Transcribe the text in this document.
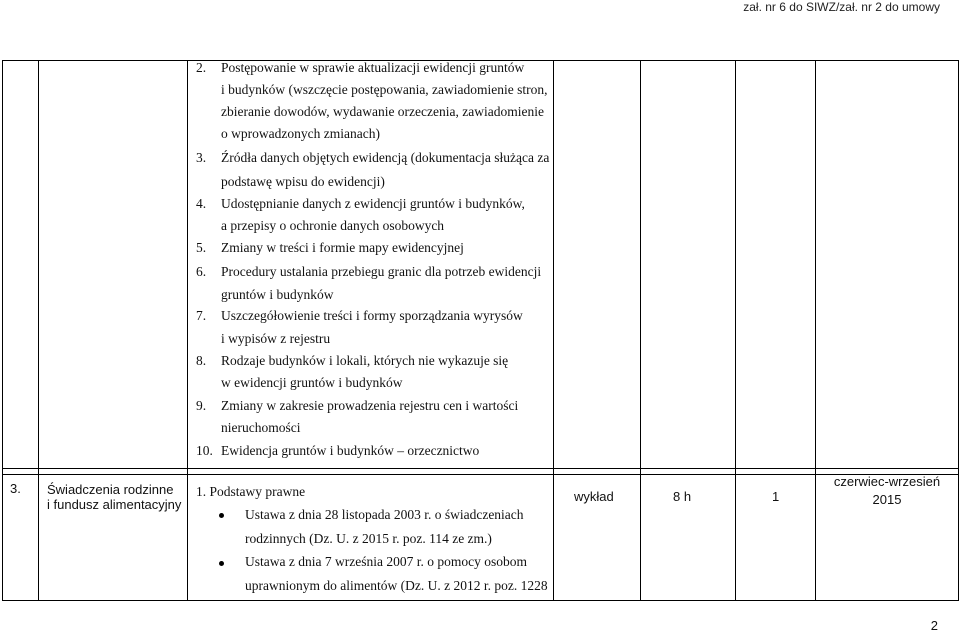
zał. nr 6 do SIWZ/zał. nr 2 do umowy
2. Postępowanie w sprawie aktualizacji ewidencji gruntów
i budynków (wszczęcie postępowania, zawiadomienie stron,
zbieranie dowodów, wydawanie orzeczenia, zawiadomienie
o wprowadzonych zmianach)
3. Źródła danych objętych ewidencją (dokumentacja służąca za
podstawę wpisu do ewidencji)
4. Udostępnianie danych z ewidencji gruntów i budynków,
a przepisy o ochronie danych osobowych
5. Zmiany w treści i formie mapy ewidencyjnej
6. Procedury ustalania przebiegu granic dla potrzeb ewidencji
gruntów i budynków
7. Uszczegółowienie treści i formy sporządzania wyrysów
i wypisów z rejestru
8. Rodzaje budynków i lokali, których nie wykazuje się
w ewidencji gruntów i budynków
9. Zmiany w zakresie prowadzenia rejestru cen i wartości
nieruchomości
10. Ewidencja gruntów i budynków – orzecznictwo
3. Świadczenia rodzinne
i fundusz alimentacyjny
1. Podstawy prawne
Ustawa z dnia 28 listopada 2003 r. o świadczeniach
rodzinnych (Dz. U. z 2015 r. poz. 114 ze zm.)
Ustawa z dnia 7 września 2007 r. o pomocy osobom
uprawnionym do alimentów (Dz. U. z 2012 r. poz. 1228
wykład	8 h	1
czerwiec-wrzesień
2015
2
